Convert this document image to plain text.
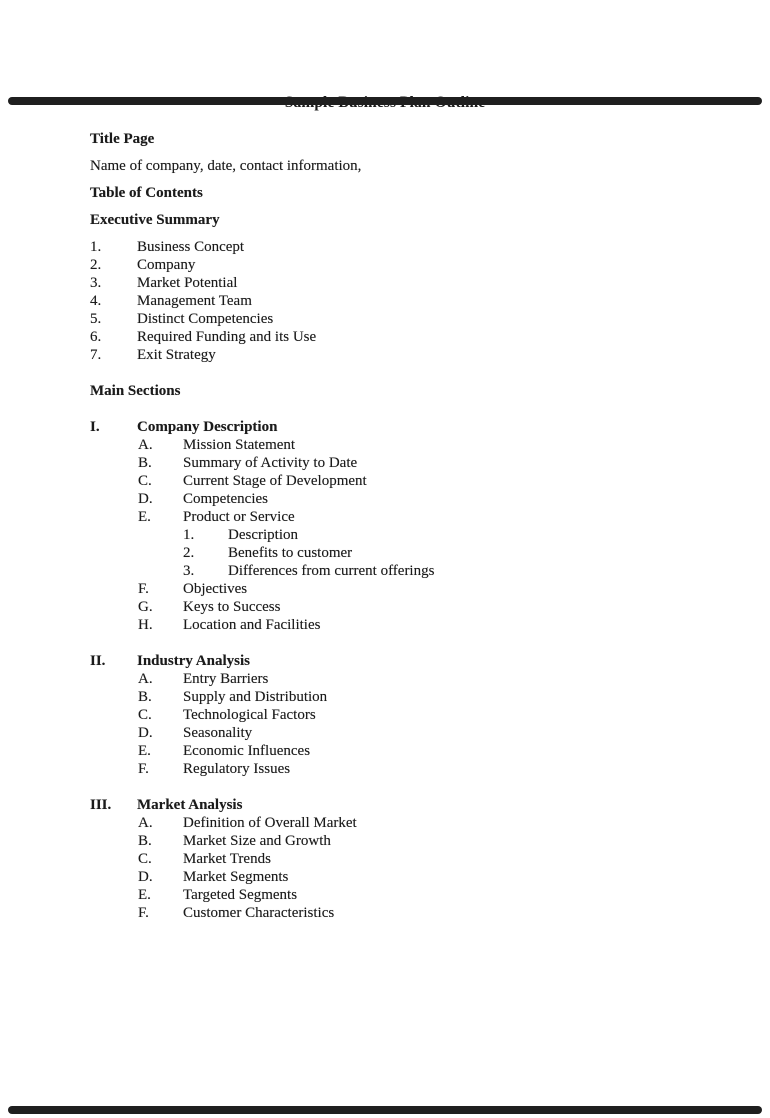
Title Page
Name of company, date, contact information,
Table of Contents
Executive Summary
1.	Business Concept
2.	Company
3.	Market Potential
4.	Management Team
5.	Distinct Competencies
6.	Required Funding and its Use
7.	Exit Strategy
Main Sections
I.	Company Description
A.	Mission Statement
B.	Summary of Activity to Date
C.	Current Stage of Development
D.	Competencies
E.	Product or Service
1.	Description
2.	Benefits to customer
3.	Differences from current offerings
F.	Objectives
G.	Keys to Success
H.	Location and Facilities
II.	Industry Analysis
A.	Entry Barriers
B.	Supply and Distribution
C.	Technological Factors
D.	Seasonality
E.	Economic Influences
F.	Regulatory Issues
III.	Market Analysis
A.	Definition of Overall Market
B.	Market Size and Growth
C.	Market Trends
D.	Market Segments
E.	Targeted Segments
F.	Customer Characteristics
